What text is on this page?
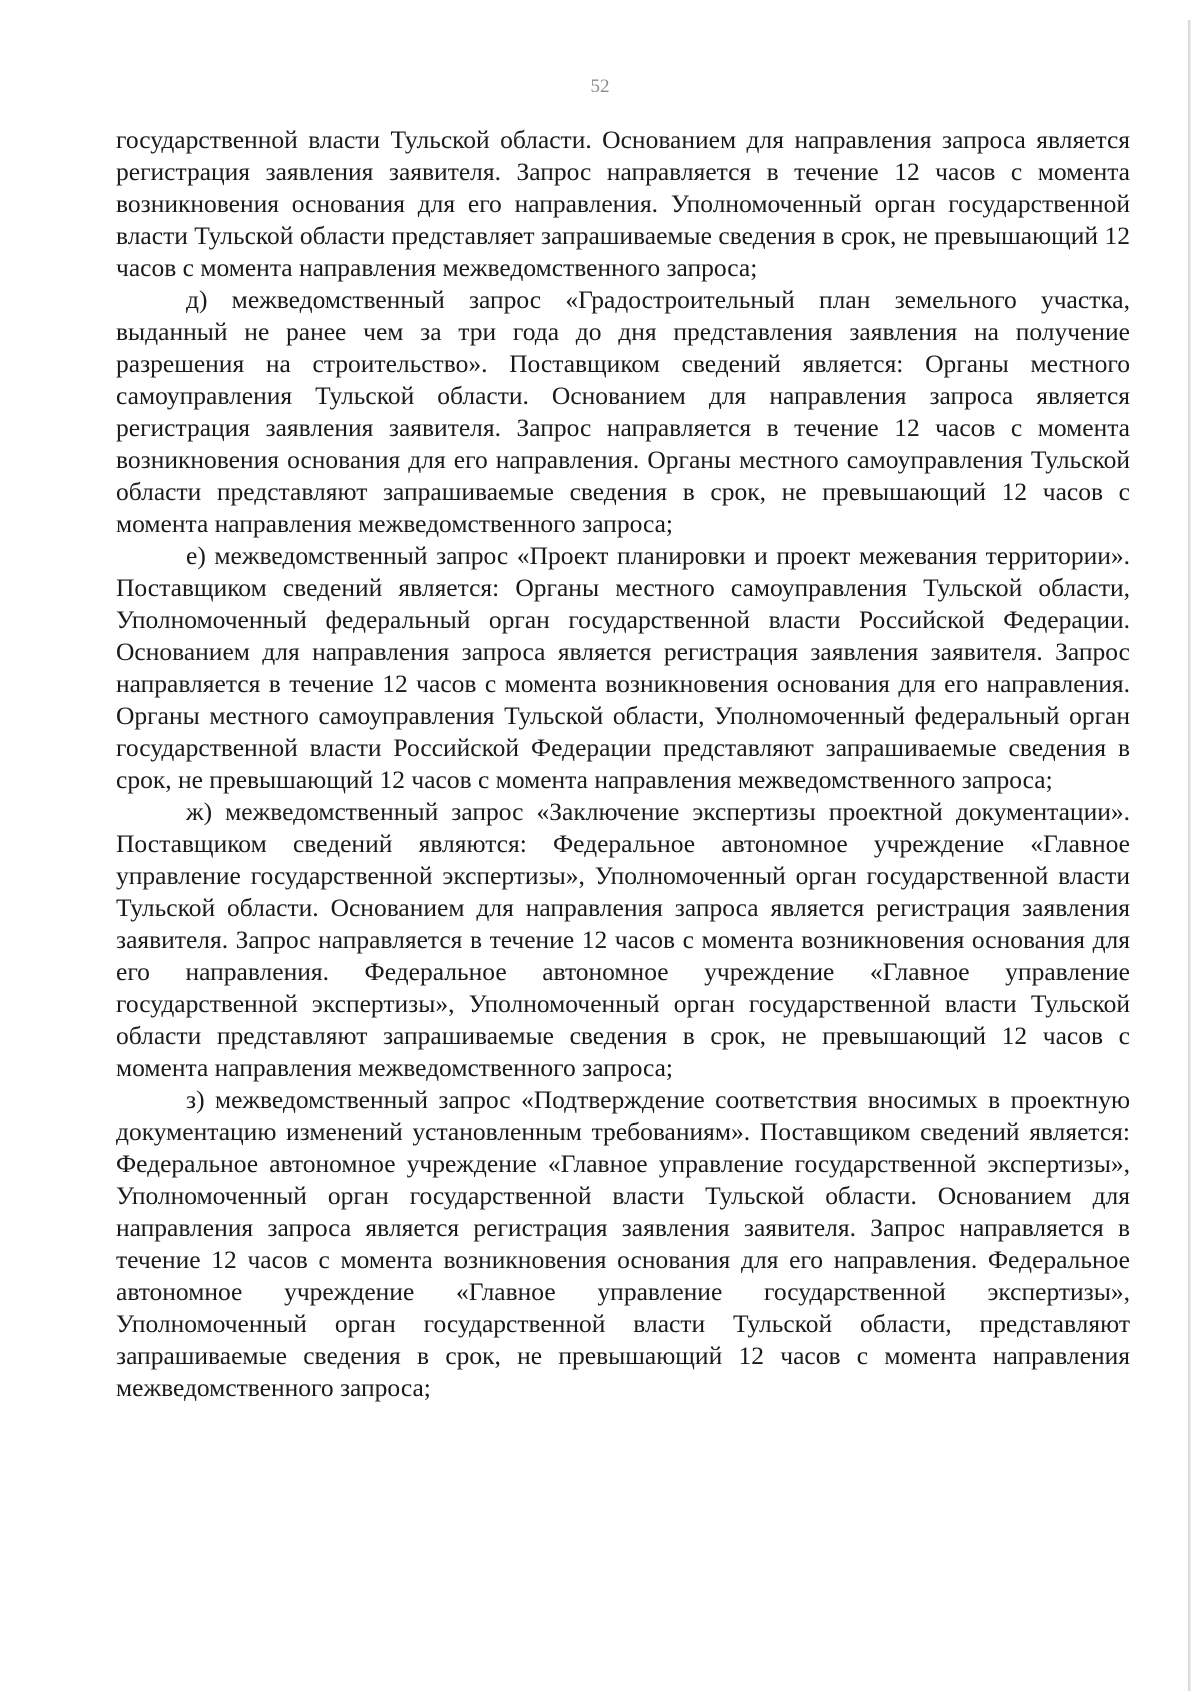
52

государственной власти Тульской области. Основанием для направления запроса является регистрация заявления заявителя. Запрос направляется в течение 12 часов с момента возникновения основания для его направления. Уполномоченный орган государственной власти Тульской области представляет запрашиваемые сведения в срок, не превышающий 12 часов с момента направления межведомственного запроса;

д) межведомственный запрос «Градостроительный план земельного участка, выданный не ранее чем за три года до дня представления заявления на получение разрешения на строительство». Поставщиком сведений является: Органы местного самоуправления Тульской области. Основанием для направления запроса является регистрация заявления заявителя. Запрос направляется в течение 12 часов с момента возникновения основания для его направления. Органы местного самоуправления Тульской области представляют запрашиваемые сведения в срок, не превышающий 12 часов с момента направления межведомственного запроса;

е) межведомственный запрос «Проект планировки и проект межевания территории». Поставщиком сведений является: Органы местного самоуправления Тульской области, Уполномоченный федеральный орган государственной власти Российской Федерации. Основанием для направления запроса является регистрация заявления заявителя. Запрос направляется в течение 12 часов с момента возникновения основания для его направления. Органы местного самоуправления Тульской области, Уполномоченный федеральный орган государственной власти Российской Федерации представляют запрашиваемые сведения в срок, не превышающий 12 часов с момента направления межведомственного запроса;

ж) межведомственный запрос «Заключение экспертизы проектной документации». Поставщиком сведений являются: Федеральное автономное учреждение «Главное управление государственной экспертизы», Уполномоченный орган государственной власти Тульской области. Основанием для направления запроса является регистрация заявления заявителя. Запрос направляется в течение 12 часов с момента возникновения основания для его направления. Федеральное автономное учреждение «Главное управление государственной экспертизы», Уполномоченный орган государственной власти Тульской области представляют запрашиваемые сведения в срок, не превышающий 12 часов с момента направления межведомственного запроса;

з) межведомственный запрос «Подтверждение соответствия вносимых в проектную документацию изменений установленным требованиям». Поставщиком сведений является: Федеральное автономное учреждение «Главное управление государственной экспертизы», Уполномоченный орган государственной власти Тульской области. Основанием для направления запроса является регистрация заявления заявителя. Запрос направляется в течение 12 часов с момента возникновения основания для его направления. Федеральное автономное учреждение «Главное управление государственной экспертизы», Уполномоченный орган государственной власти Тульской области, представляют запрашиваемые сведения в срок, не превышающий 12 часов с момента направления межведомственного запроса;
